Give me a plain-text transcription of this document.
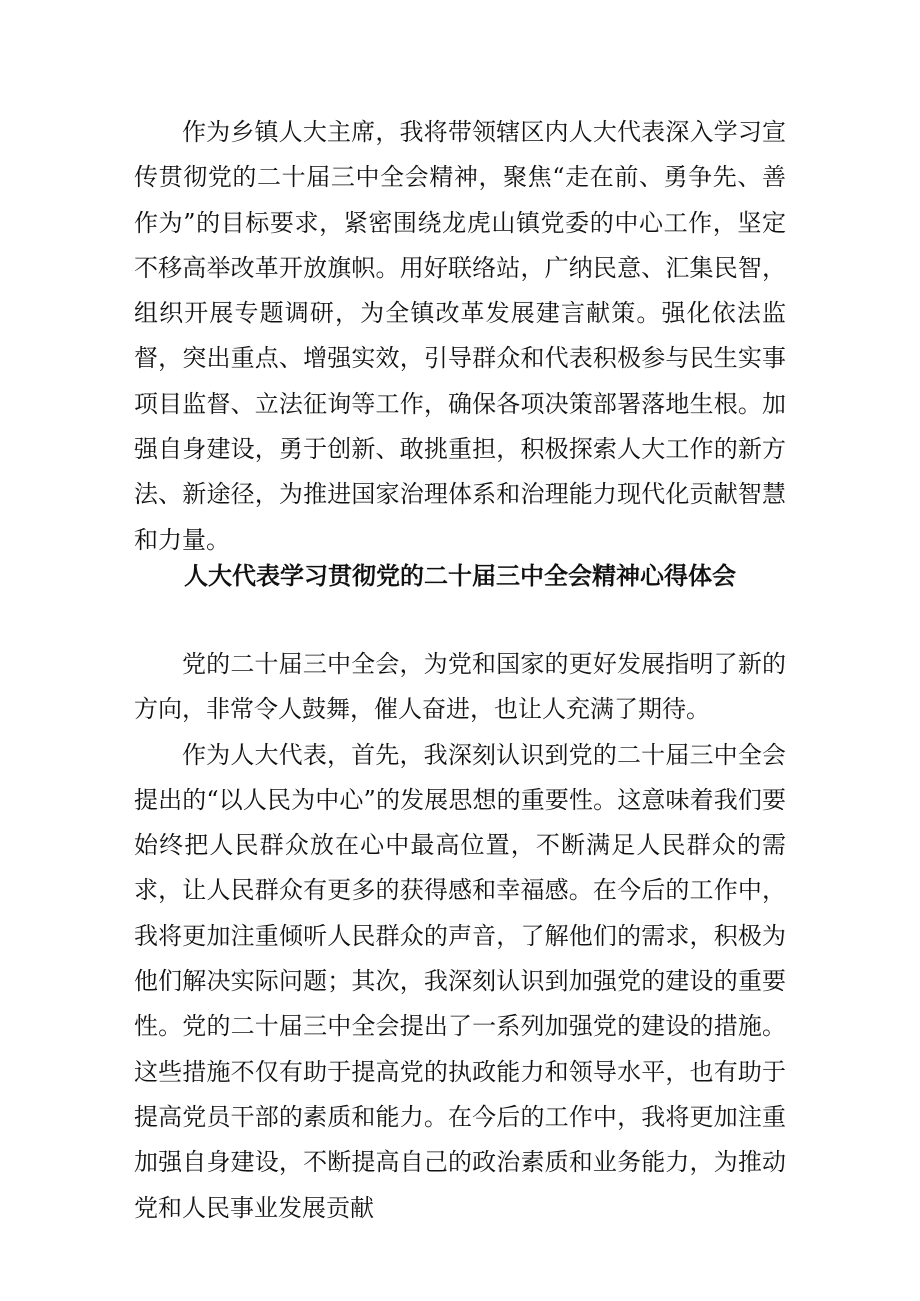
作为乡镇人大主席，我将带领辖区内人大代表深入学习宣传贯彻党的二十届三中全会精神，聚焦“走在前、勇争先、善作为”的目标要求，紧密围绕龙虎山镇党委的中心工作，坚定不移高举改革开放旗帜。用好联络站，广纳民意、汇集民智，组织开展专题调研，为全镇改革发展建言献策。强化依法监督，突出重点、增强实效，引导群众和代表积极参与民生实事项目监督、立法征询等工作，确保各项决策部署落地生根。加强自身建设，勇于创新、敢挑重担，积极探索人大工作的新方法、新途径，为推进国家治理体系和治理能力现代化贡献智慧和力量。

人大代表学习贯彻党的二十届三中全会精神心得体会

党的二十届三中全会，为党和国家的更好发展指明了新的方向，非常令人鼓舞，催人奋进，也让人充满了期待。

作为人大代表，首先，我深刻认识到党的二十届三中全会提出的“以人民为中心”的发展思想的重要性。这意味着我们要始终把人民群众放在心中最高位置，不断满足人民群众的需求，让人民群众有更多的获得感和幸福感。在今后的工作中，我将更加注重倾听人民群众的声音，了解他们的需求，积极为他们解决实际问题；其次，我深刻认识到加强党的建设的重要性。党的二十届三中全会提出了一系列加强党的建设的措施。这些措施不仅有助于提高党的执政能力和领导水平，也有助于提高党员干部的素质和能力。在今后的工作中，我将更加注重加强自身建设，不断提高自己的政治素质和业务能力，为推动党和人民事业发展贡献
